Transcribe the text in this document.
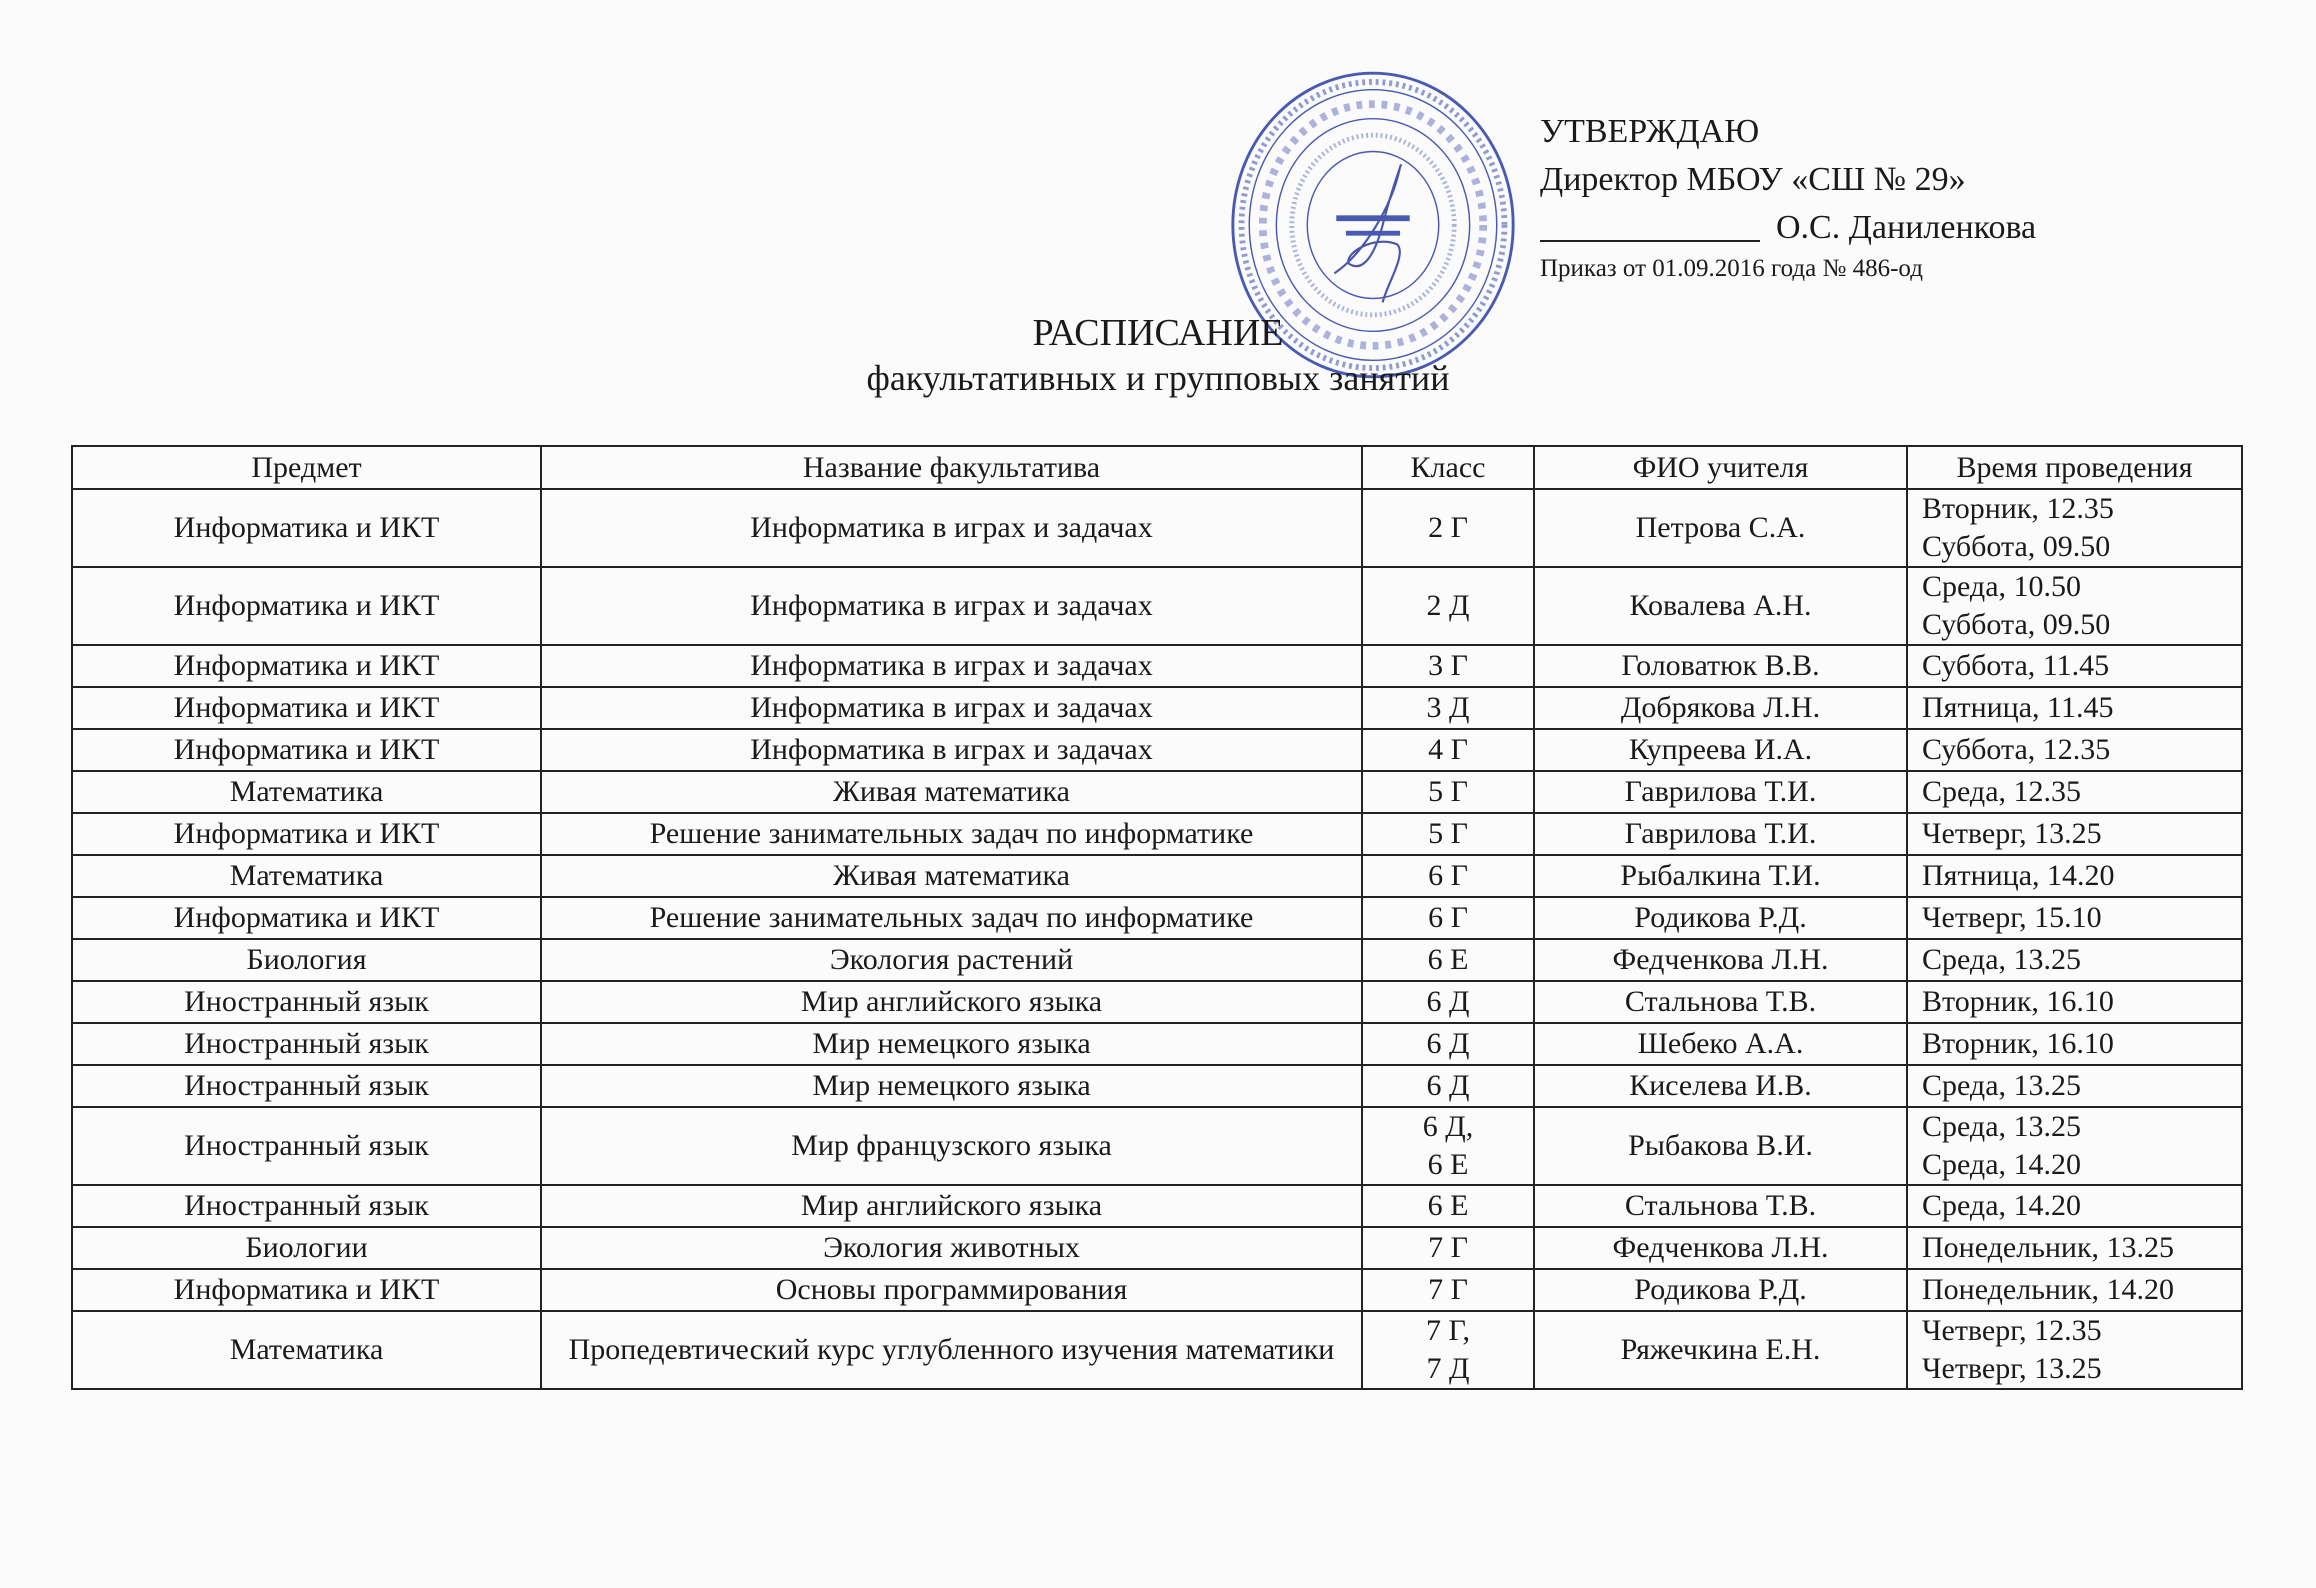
УТВЕРЖДАЮ
Директор МБОУ «СШ № 29»
О.С. Даниленкова
Приказ от 01.09.2016 года № 486-од
РАСПИСАНИЕ
факультативных и групповых занятий
Предмет	Название факультатива	Класс	ФИО учителя	Время проведения
Информатика и ИКТ	Информатика в играх и задачах	2 Г	Петрова С.А.	Вторник, 12.35
Суббота, 09.50

Информатика и ИКТ	Информатика в играх и задачах	2 Д	Ковалева А.Н.	Среда, 10.50
Суббота, 09.50

Информатика и ИКТ	Информатика в играх и задачах	3 Г	Головатюк В.В.	Суббота, 11.45

Информатика и ИКТ	Информатика в играх и задачах	3 Д	Добрякова Л.Н.	Пятница, 11.45

Информатика и ИКТ	Информатика в играх и задачах	4 Г	Купреева И.А.	Суббота, 12.35

Математика	Живая математика	5 Г	Гаврилова Т.И.	Среда, 12.35

Информатика и ИКТ	Решение занимательных задач по информатике	5 Г	Гаврилова Т.И.	Четверг, 13.25

Математика	Живая математика	6 Г	Рыбалкина Т.И.	Пятница, 14.20

Информатика и ИКТ	Решение занимательных задач по информатике	6 Г	Родикова Р.Д.	Четверг, 15.10

Биология	Экология растений	6 Е	Федченкова Л.Н.	Среда, 13.25

Иностранный язык	Мир английского языка	6 Д	Стальнова Т.В.	Вторник, 16.10

Иностранный язык	Мир немецкого языка	6 Д	Шебеко А.А.	Вторник, 16.10

Иностранный язык	Мир немецкого языка	6 Д	Киселева И.В.	Среда, 13.25

Иностранный язык	Мир французского языка	6 Д,
6 Е	Рыбакова В.И.	Среда, 13.25
Среда, 14.20

Иностранный язык	Мир английского языка	6 Е	Стальнова Т.В.	Среда, 14.20

Биологии	Экология животных	7 Г	Федченкова Л.Н.	Понедельник, 13.25

Информатика и ИКТ	Основы программирования	7 Г	Родикова Р.Д.	Понедельник, 14.20

Математика	Пропедевтический курс углубленного изучения математики	7 Г,
7 Д	Ряжечкина Е.Н.	Четверг, 12.35
Четверг, 13.25
